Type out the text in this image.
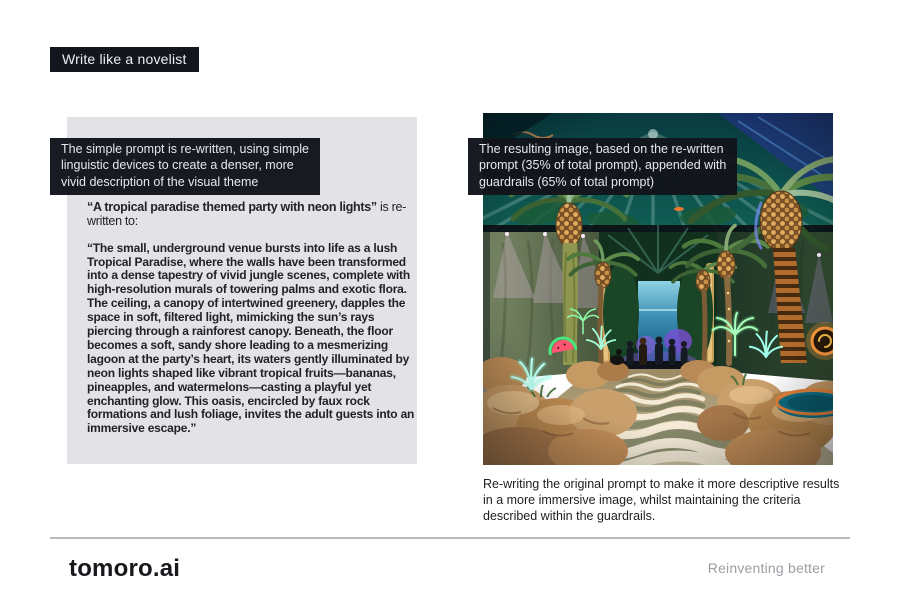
Write like a novelist

“A tropical paradise themed party with neon lights” is re-written to:

“The small, underground venue bursts into life as a lush Tropical Paradise, where the walls have been transformed into a dense tapestry of vivid jungle scenes, complete with high-resolution murals of towering palms and exotic flora. The ceiling, a canopy of intertwined greenery, dapples the space in soft, filtered light, mimicking the sun’s rays piercing through a rainforest canopy. Beneath, the floor becomes a soft, sandy shore leading to a mesmerizing lagoon at the party’s heart, its waters gently illuminated by neon lights shaped like vibrant tropical fruits—bananas, pineapples, and watermelons—casting a playful yet enchanting glow. This oasis, encircled by faux rock formations and lush foliage, invites the adult guests into an immersive escape.”

The simple prompt is re-written, using simple
linguistic devices to create a denser, more
vivid description of the visual theme
The resulting image, based on the re-written
prompt (35% of total prompt), appended with
guardrails (65% of total prompt)
Re-writing the original prompt to make it more descriptive results in a more immersive image, whilst maintaining the criteria described within the guardrails.
tomoro.ai	Reinventing better
